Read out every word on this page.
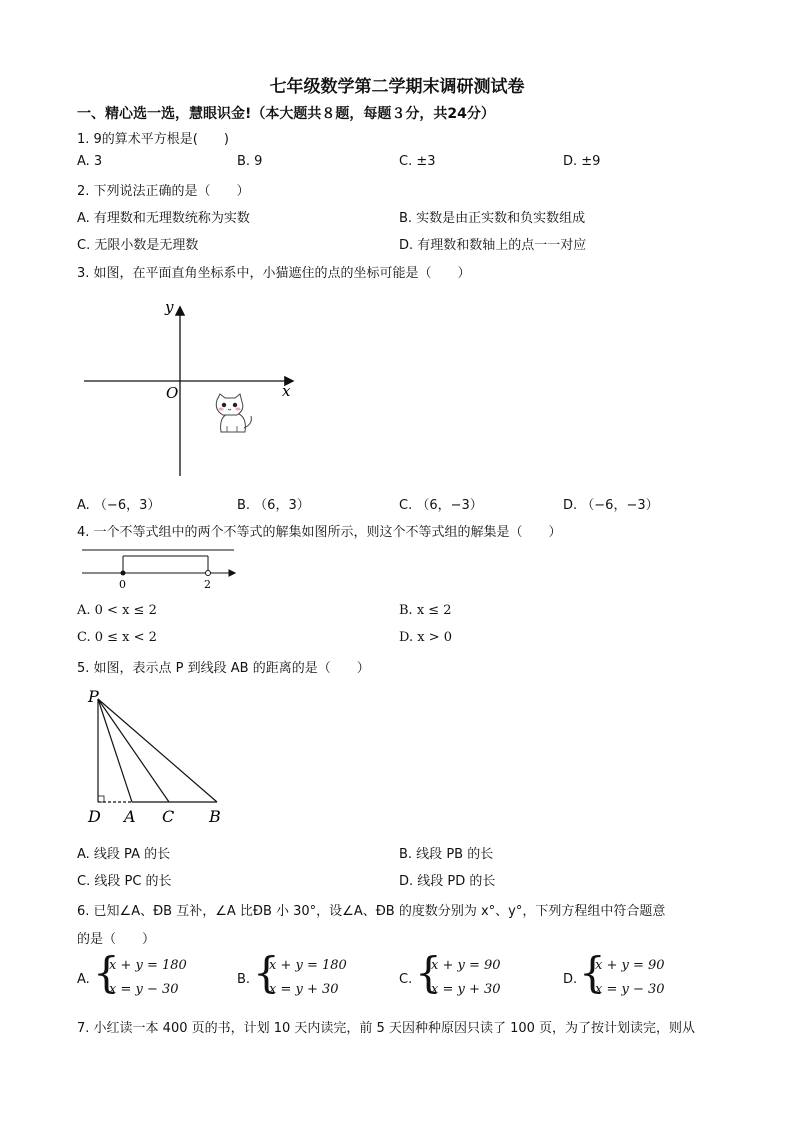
七年级数学第二学期末调研测试卷
一、精心选一选，慧眼识金!（本大题共８题，每题３分，共24分）
1. 9的算术平方根是(　　)
A. 3	B. 9	C. ±3	D. ±9
2. 下列说法正确的是（　　）
A. 有理数和无理数统称为实数	B. 实数是由正实数和负实数组成
C. 无限小数是无理数	D. 有理数和数轴上的点一一对应
3. 如图，在平面直角坐标系中，小猫遮住的点的坐标可能是（　　）
y
x
O
A. （−6，3）	B. （6，3）	C. （6，−3）	D. （−6，−3）
4. 一个不等式组中的两个不等式的解集如图所示，则这个不等式组的解集是（　　）
0	2
A. 0 < x ≤ 2	B. x ≤ 2
C. 0 ≤ x < 2	D. x > 0
5. 如图，表示点 P 到线段 AB 的距离的是（　　）
P
D A C B
A. 线段 PA 的长	B. 线段 PB 的长
C. 线段 PC 的长	D. 线段 PD 的长
6. 已知∠A、ÐB 互补，∠A 比ÐB 小 30°，设∠A、ÐB 的度数分别为 x°、y°，下列方程组中符合题意
的是（　　）
A. {
x + y = 180
x = y − 30
B. {
x + y = 180
x = y + 30
C. {
x + y = 90
x = y + 30
D. {
x + y = 90
x = y − 30
7. 小红读一本 400 页的书，计划 10 天内读完，前 5 天因种种原因只读了 100 页，为了按计划读完，则从
